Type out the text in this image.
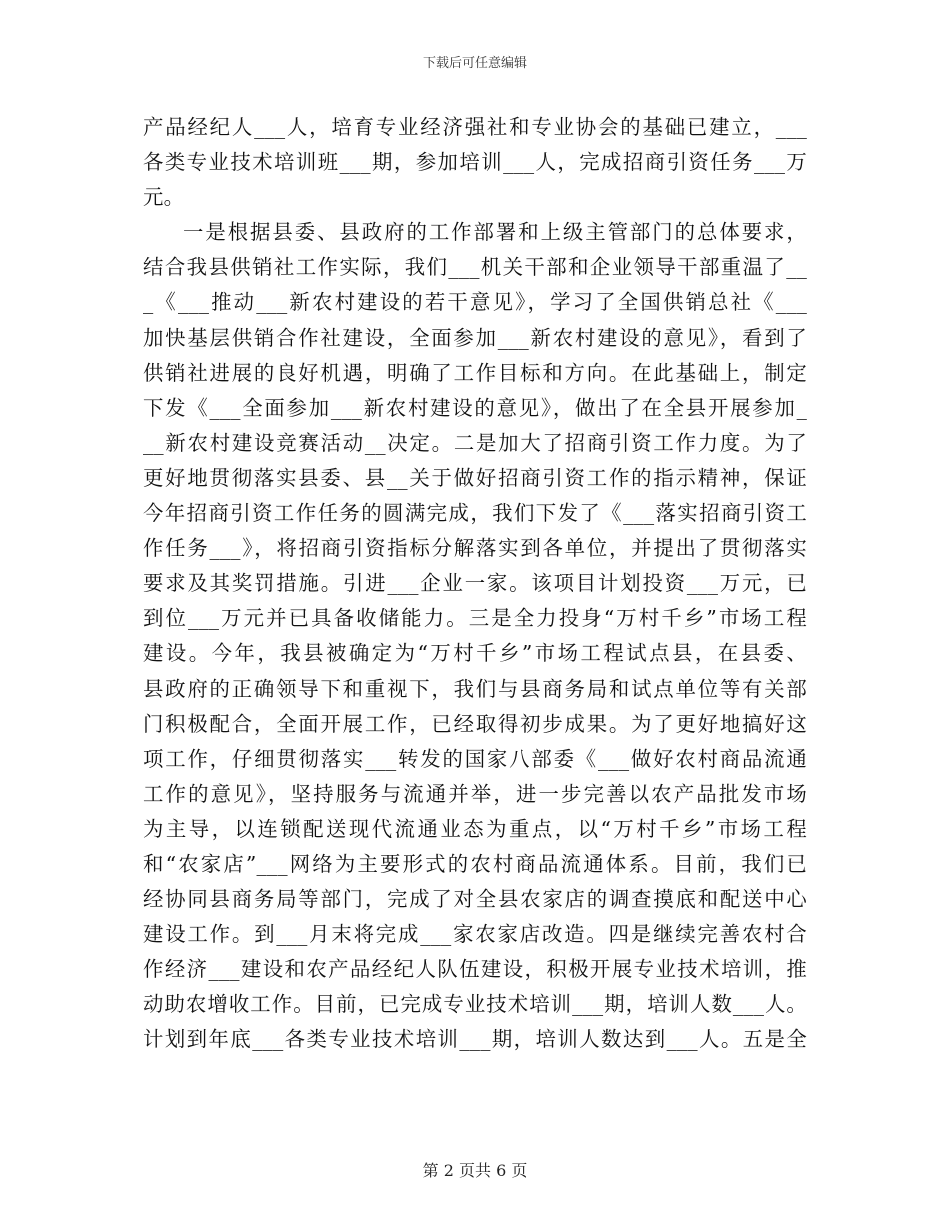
下载后可任意编辑
产品经纪人___人，培育专业经济强社和专业协会的基础已建立，___
各类专业技术培训班___期，参加培训___人，完成招商引资任务___万
元。
一是根据县委、县政府的工作部署和上级主管部门的总体要求，
结合我县供销社工作实际，我们___机关干部和企业领导干部重温了__
_《___推动___新农村建设的若干意见》，学习了全国供销总社《___
加快基层供销合作社建设，全面参加___新农村建设的意见》，看到了
供销社进展的良好机遇，明确了工作目标和方向。在此基础上，制定
下发《___全面参加___新农村建设的意见》，做出了在全县开展参加_
__新农村建设竞赛活动__决定。二是加大了招商引资工作力度。为了
更好地贯彻落实县委、县__关于做好招商引资工作的指示精神，保证
今年招商引资工作任务的圆满完成，我们下发了《___落实招商引资工
作任务___》，将招商引资指标分解落实到各单位，并提出了贯彻落实
要求及其奖罚措施。引进___企业一家。该项目计划投资___万元，已
到位___万元并已具备收储能力。三是全力投身“万村千乡”市场工程
建设。今年，我县被确定为“万村千乡”市场工程试点县，在县委、
县政府的正确领导下和重视下，我们与县商务局和试点单位等有关部
门积极配合，全面开展工作，已经取得初步成果。为了更好地搞好这
项工作，仔细贯彻落实___转发的国家八部委《___做好农村商品流通
工作的意见》，坚持服务与流通并举，进一步完善以农产品批发市场
为主导，以连锁配送现代流通业态为重点，以“万村千乡”市场工程
和“农家店”___网络为主要形式的农村商品流通体系。目前，我们已
经协同县商务局等部门，完成了对全县农家店的调查摸底和配送中心
建设工作。到___月末将完成___家农家店改造。四是继续完善农村合
作经济___建设和农产品经纪人队伍建设，积极开展专业技术培训，推
动助农增收工作。目前，已完成专业技术培训___期，培训人数___人。
计划到年底___各类专业技术培训___期，培训人数达到___人。五是全
第 2 页共 6 页
